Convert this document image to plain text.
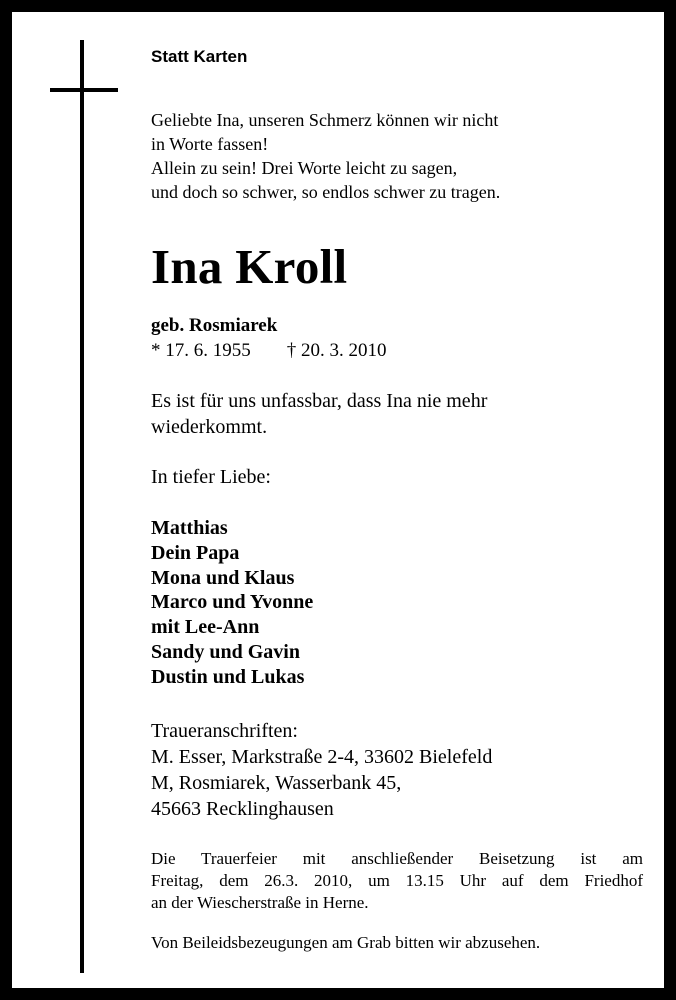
Statt Karten
Geliebte Ina, unseren Schmerz können wir nicht
in Worte fassen!
Allein zu sein! Drei Worte leicht zu sagen,
und doch so schwer, so endlos schwer zu tragen.
Ina Kroll
geb. Rosmiarek
* 17. 6. 1955 † 20. 3. 2010
Es ist für uns unfassbar, dass Ina nie mehr
wiederkommt.
In tiefer Liebe:
Matthias
Dein Papa
Mona und Klaus
Marco und Yvonne
mit Lee-Ann
Sandy und Gavin
Dustin und Lukas
Traueranschriften:
M. Esser, Markstraße 2-4, 33602 Bielefeld
M, Rosmiarek, Wasserbank 45,
45663 Recklinghausen
Die Trauerfeier mit anschließender Beisetzung ist am
Freitag, dem 26.3. 2010, um 13.15 Uhr auf dem Friedhof
an der Wiescherstraße in Herne.
Von Beileidsbezeugungen am Grab bitten wir abzusehen.
